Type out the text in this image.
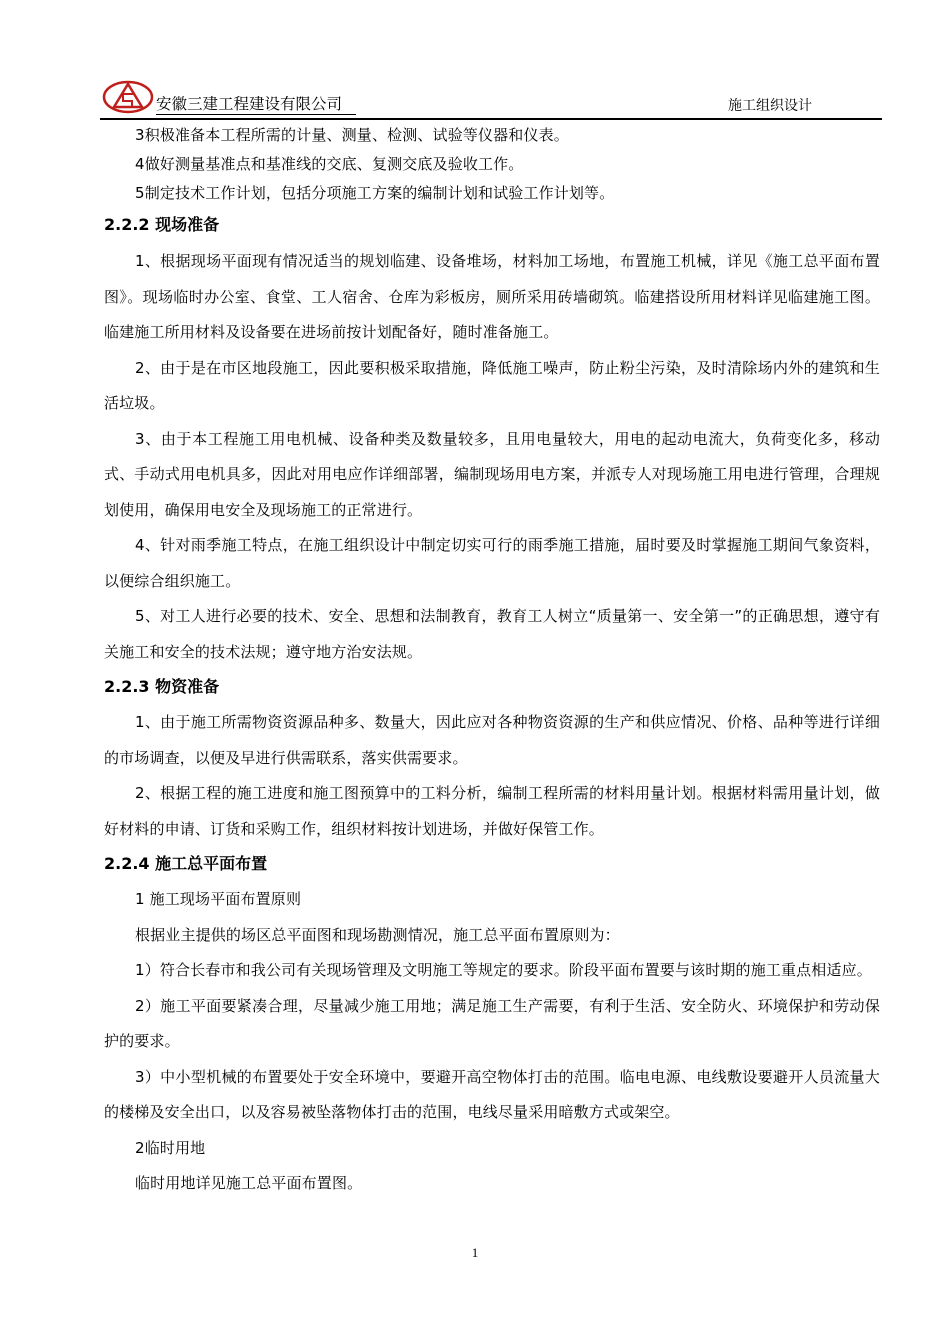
安徽三建工程建设有限公司	施工组织设计

3积极准备本工程所需的计量、测量、检测、试验等仪器和仪表。

4做好测量基准点和基准线的交底、复测交底及验收工作。

5制定技术工作计划，包括分项施工方案的编制计划和试验工作计划等。

2.2.2 现场准备

1、根据现场平面现有情况适当的规划临建、设备堆场，材料加工场地，布置施工机械，详见《施工总平面布置图》。现场临时办公室、食堂、工人宿舍、仓库为彩板房，厕所采用砖墙砌筑。临建搭设所用材料详见临建施工图。临建施工所用材料及设备要在进场前按计划配备好，随时准备施工。

2、由于是在市区地段施工，因此要积极采取措施，降低施工噪声，防止粉尘污染，及时清除场内外的建筑和生活垃圾。

3、由于本工程施工用电机械、设备种类及数量较多，且用电量较大，用电的起动电流大，负荷变化多，移动式、手动式用电机具多，因此对用电应作详细部署，编制现场用电方案，并派专人对现场施工用电进行管理，合理规划使用，确保用电安全及现场施工的正常进行。

4、针对雨季施工特点，在施工组织设计中制定切实可行的雨季施工措施，届时要及时掌握施工期间气象资料，以便综合组织施工。

5、对工人进行必要的技术、安全、思想和法制教育，教育工人树立“质量第一、安全第一”的正确思想，遵守有关施工和安全的技术法规；遵守地方治安法规。

2.2.3 物资准备

1、由于施工所需物资资源品种多、数量大，因此应对各种物资资源的生产和供应情况、价格、品种等进行详细的市场调查，以便及早进行供需联系，落实供需要求。

2、根据工程的施工进度和施工图预算中的工料分析，编制工程所需的材料用量计划。根据材料需用量计划，做好材料的申请、订货和采购工作，组织材料按计划进场，并做好保管工作。

2.2.4 施工总平面布置

1 施工现场平面布置原则

根据业主提供的场区总平面图和现场勘测情况，施工总平面布置原则为：

1）符合长春市和我公司有关现场管理及文明施工等规定的要求。阶段平面布置要与该时期的施工重点相适应。

2）施工平面要紧凑合理，尽量减少施工用地；满足施工生产需要，有利于生活、安全防火、环境保护和劳动保护的要求。

3）中小型机械的布置要处于安全环境中，要避开高空物体打击的范围。临电电源、电线敷设要避开人员流量大的楼梯及安全出口，以及容易被坠落物体打击的范围，电线尽量采用暗敷方式或架空。

2临时用地

临时用地详见施工总平面布置图。

1
